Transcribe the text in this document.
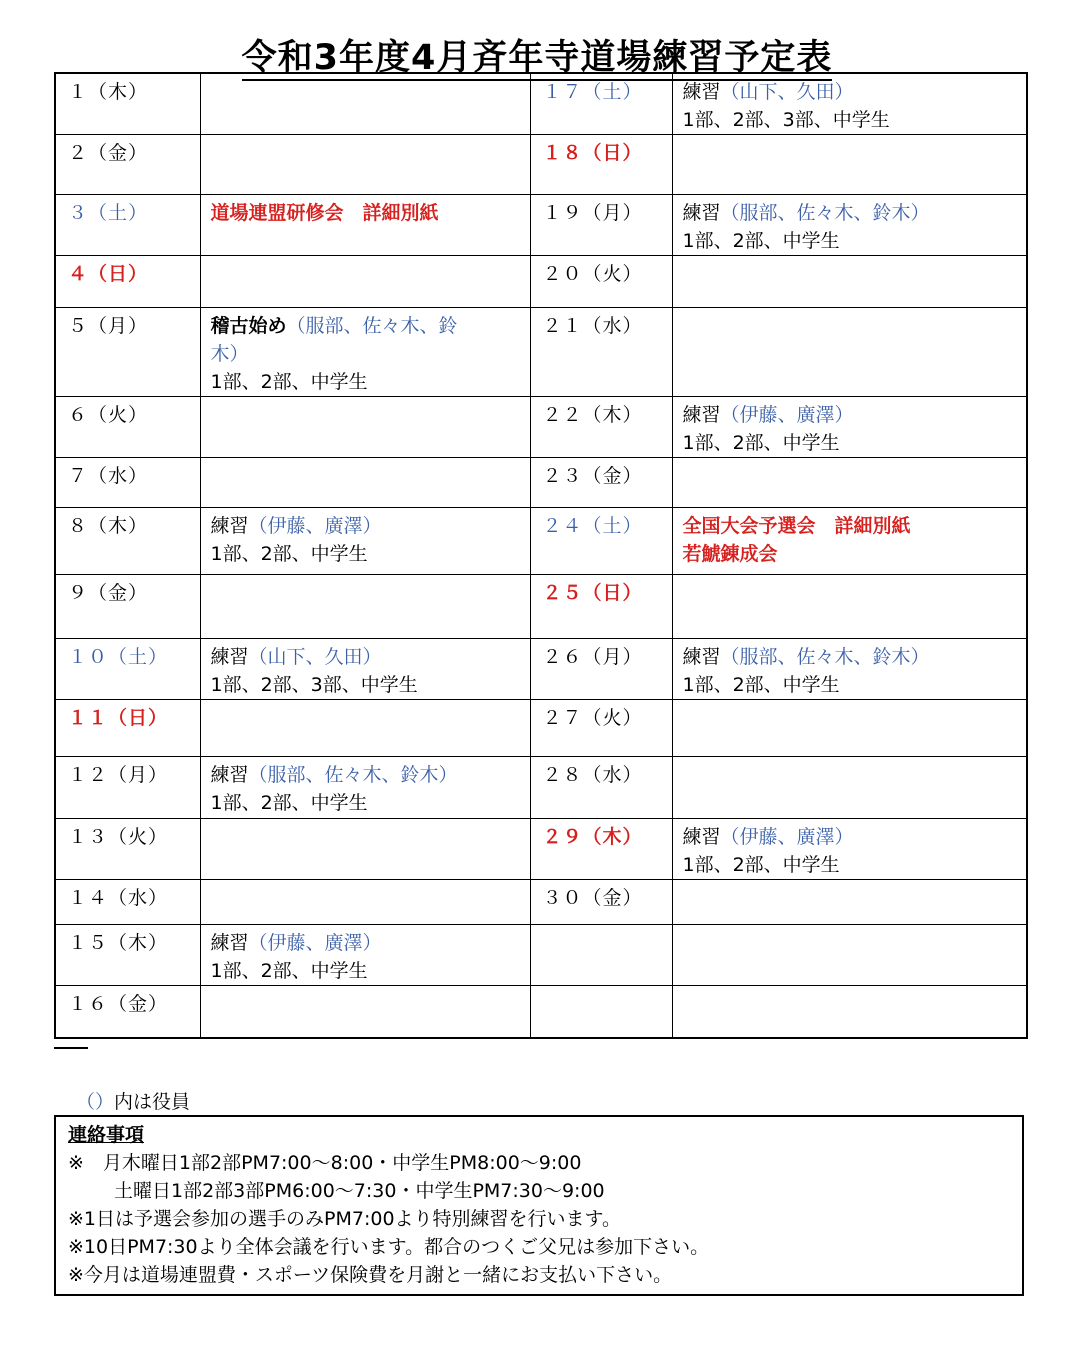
令和3年度4月斉年寺道場練習予定表
１（木）		１７（土）	練習（山下、久田）
1部、2部、3部、中学生

２（金）		１８（日）	
３（土）	道場連盟研修会　詳細別紙	１９（月）	練習（服部、佐々木、鈴木）
1部、2部、中学生

４（日）		２０（火）	
５（月）	稽古始め（服部、佐々木、鈴
木）
1部、2部、中学生	２１（水）	
６（火）		２２（木）	練習（伊藤、廣澤）
1部、2部、中学生

７（水）		２３（金）	
８（木）	練習（伊藤、廣澤）
1部、2部、中学生	２４（土）	全国大会予選会　詳細別紙
若鯱錬成会

９（金）		２５（日）	
１０（土）	練習（山下、久田）
1部、2部、3部、中学生	２６（月）	練習（服部、佐々木、鈴木）
1部、2部、中学生

１１（日）		２７（火）	
１２（月）	練習（服部、佐々木、鈴木）
1部、2部、中学生	２８（水）	
１３（火）		２９（木）	練習（伊藤、廣澤）
1部、2部、中学生

１４（水）		３０（金）	
１５（木）	練習（伊藤、廣澤）
1部、2部、中学生		

１６（金）			
（）内は役員
連絡事項
※　月木曜日1部2部PM7:00～8:00・中学生PM8:00～9:00
土曜日1部2部3部PM6:00～7:30・中学生PM7:30～9:00
※1日は予選会参加の選手のみPM7:00より特別練習を行います。
※10日PM7:30より全体会議を行います。都合のつくご父兄は参加下さい。
※今月は道場連盟費・スポーツ保険費を月謝と一緒にお支払い下さい。
